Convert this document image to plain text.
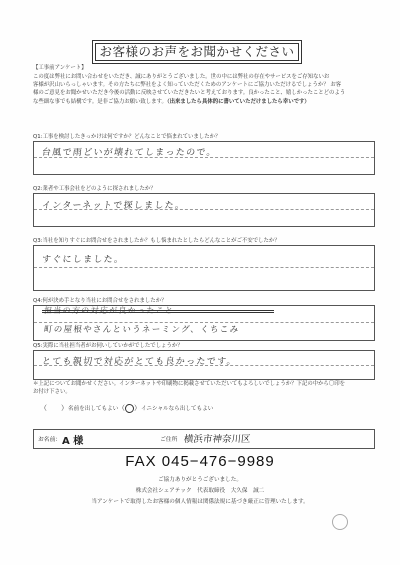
お客様のお声をお聞かせください
【工事前アンケート】
この度は弊社にお問い合わせをいただき、誠にありがとうございました。世の中には弊社の存在やサービスをご存知ないお
客様が沢山いらっしゃいます。その方たちに弊社をよく知っていただくためのアンケートにご協力いただけるでしょうか？ お客
様のご意見をお聞かせいただき今後の活動に反映させていただきたいと考えております。良かったこと、嬉しかったことどのよう
な些細な事でも結構です。是非ご協力お願い致します。（出来ましたら具体的に書いていただけましたら幸いです）
Q1:工事を検討したきっかけは何ですか？どんなことで悩まれていましたか？
台風で雨どいが壊れてしまったので。
Q2:業者や工事会社をどのように探されましたか？
インターネットで探しました。
Q3:当社を知りすぐにお問合せをされましたか？もし悩まれたとしたらどんなことがご不安でしたか？
すぐにしました。
Q4:何が決め手となり当社にお問合せをされましたか？
町の屋根やさんというネーミング、くちこみ
Q5:実際に当社担当者がお伺いしていかがでしたでしょうか？
とても親切で対応がとても良かったです。
＊上記についてお聞かせください。インターネットや印刷物に掲載させていただいてもよろしいでしょうか？下記の中から〇印を
お付け下さい。
（　　）名前を出してもよい （ ）イニシャルなら出してもよい
お名前： A 様	ご住所 横浜市神奈川区
FAX 045−476−9989
ご協力ありがとうございました。
株式会社シェアテック　代表取締役　大久保　誠二
当アンケートで取得したお客様の個人情報は関係法規に基づき厳正に管理いたします。
